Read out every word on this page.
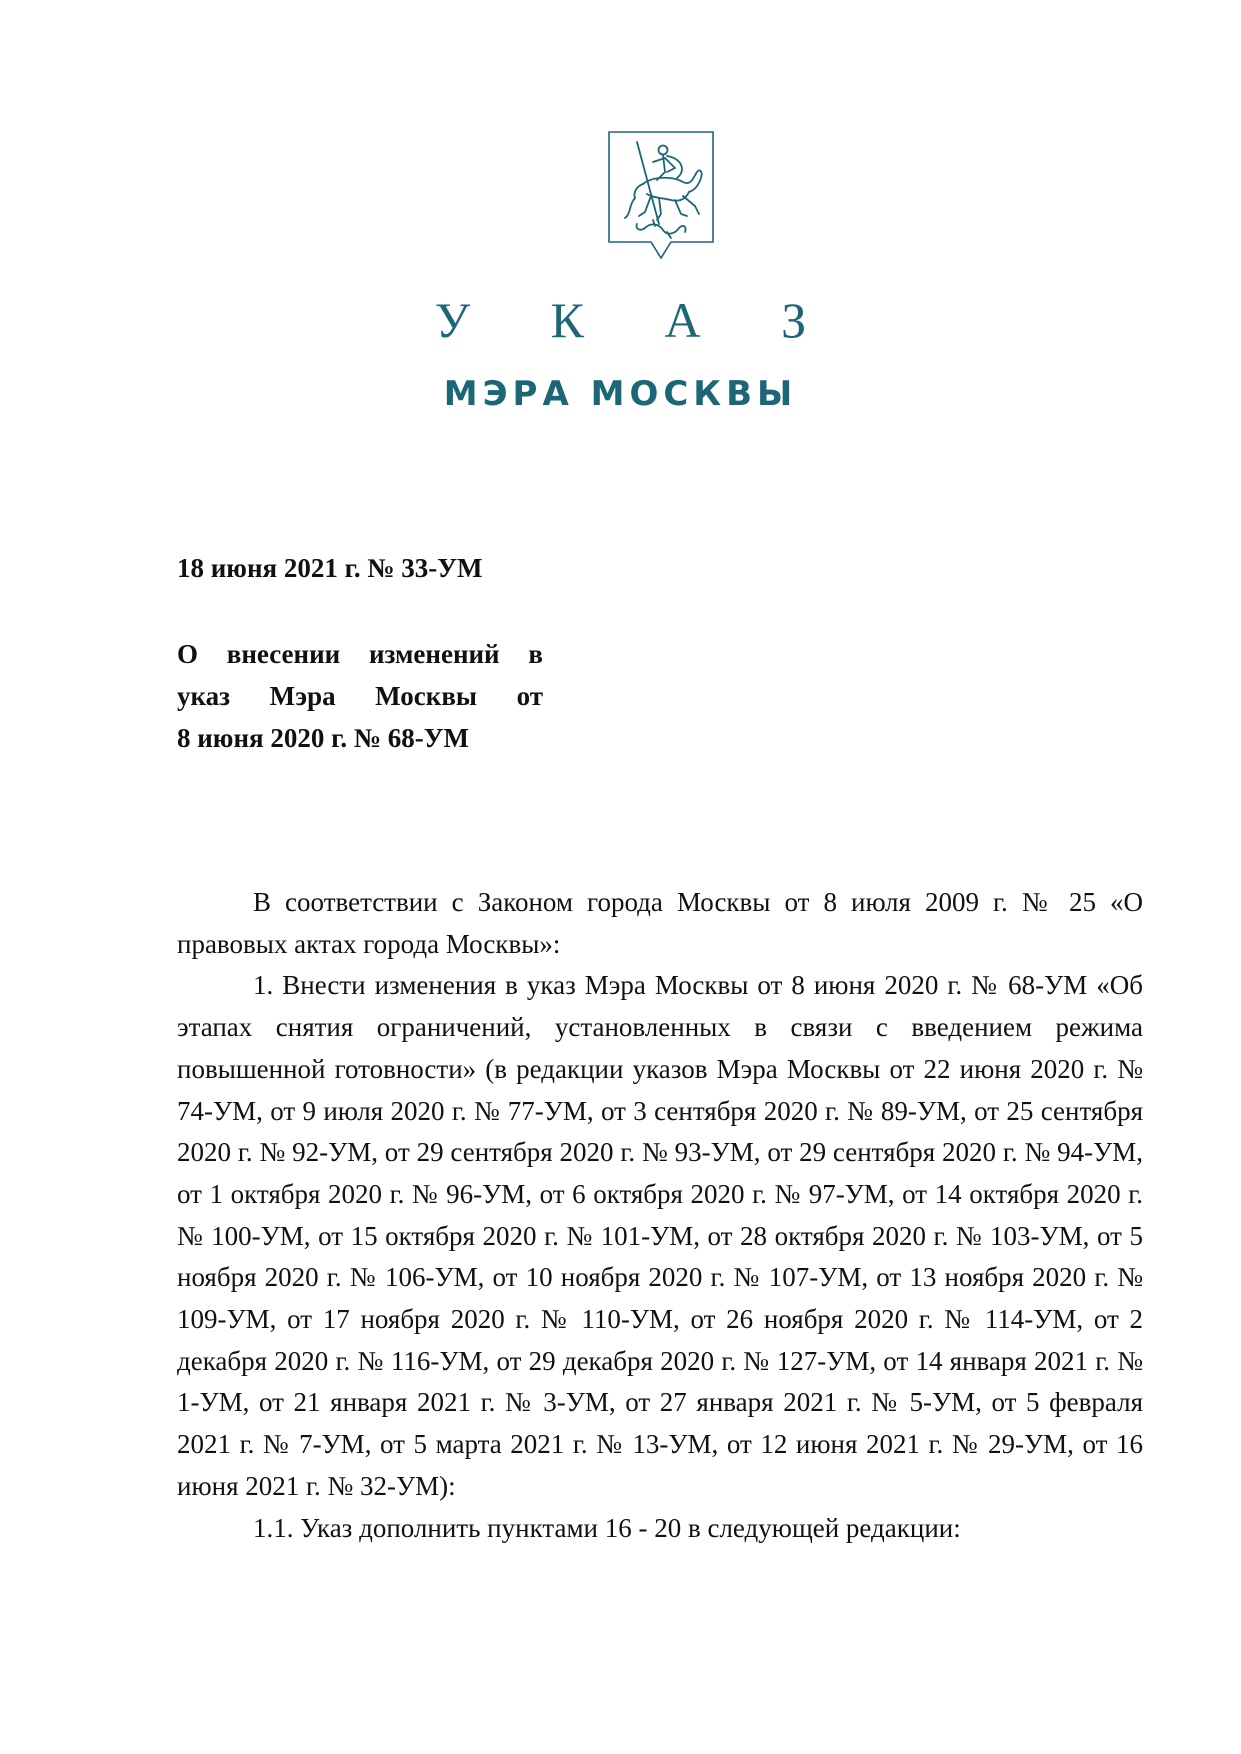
У К А З
МЭРА МОСКВЫ
18 июня 2021 г. № 33-УМ
О внесении изменений в
указ Мэра Москвы от
8 июня 2020 г. № 68-УМ

В соответствии с Законом города Москвы от 8 июля 2009 г. № 25 «О правовых актах города Москвы»:

1. Внести изменения в указ Мэра Москвы от 8 июня 2020 г. № 68-УМ «Об этапах снятия ограничений, установленных в связи с введением режима повышенной готовности» (в редакции указов Мэра Москвы от 22 июня 2020 г. № 74-УМ, от 9 июля 2020 г. № 77-УМ, от 3 сентября 2020 г. № 89-УМ, от 25 сентября 2020 г. № 92-УМ, от 29 сентября 2020 г. № 93-УМ, от 29 сентября 2020 г. № 94-УМ, от 1 октября 2020 г. № 96-УМ, от 6 октября 2020 г. № 97-УМ, от 14 октября 2020 г. № 100-УМ, от 15 октября 2020 г. № 101-УМ, от 28 октября 2020 г. № 103-УМ, от 5 ноября 2020 г. № 106-УМ, от 10 ноября 2020 г. № 107-УМ, от 13 ноября 2020 г. № 109-УМ, от 17 ноября 2020 г. № 110-УМ, от 26 ноября 2020 г. № 114-УМ, от 2 декабря 2020 г. № 116-УМ, от 29 декабря 2020 г. № 127-УМ, от 14 января 2021 г. № 1-УМ, от 21 января 2021 г. № 3-УМ, от 27 января 2021 г. № 5-УМ, от 5 февраля 2021 г. № 7-УМ, от 5 марта 2021 г. № 13-УМ, от 12 июня 2021 г. № 29-УМ, от 16 июня 2021 г. № 32-УМ):

1.1. Указ дополнить пунктами 16 - 20 в следующей редакции:
